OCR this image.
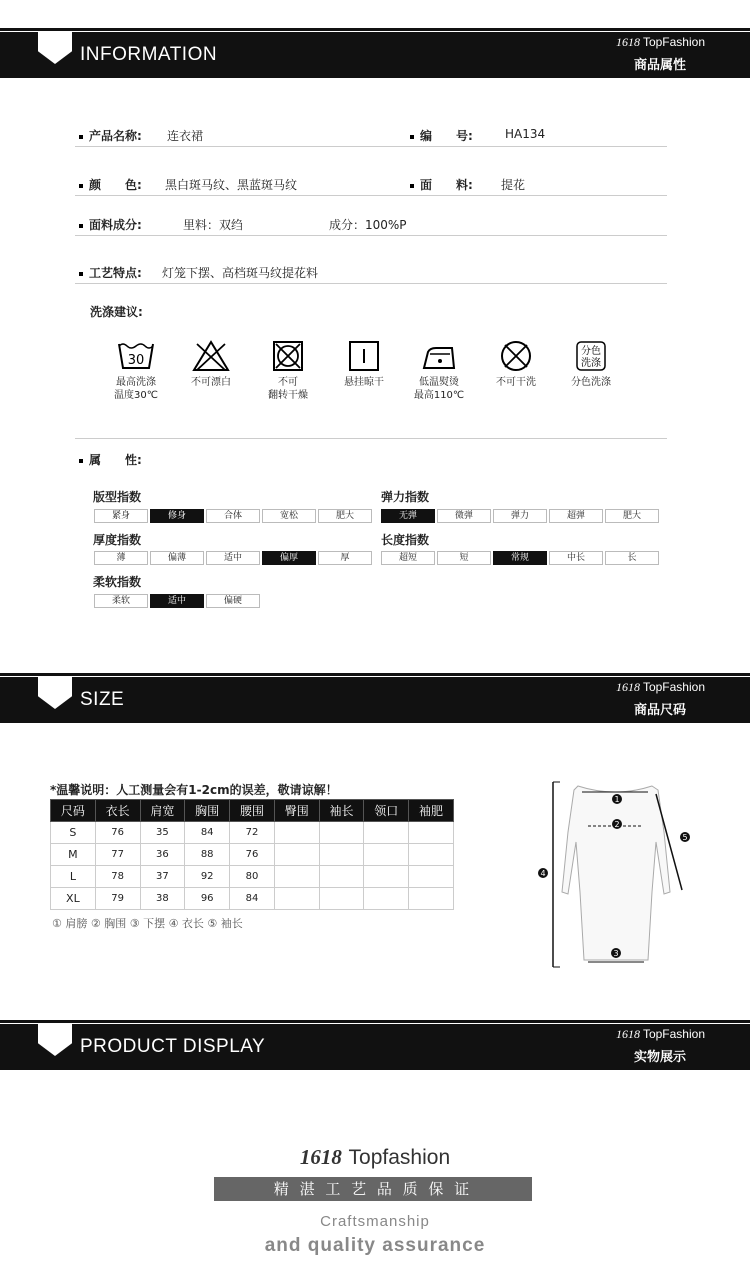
INFORMATION
1618 TopFashion
商品属性
产品名称: 连衣裙	编　　号:	HA134
颜　　色: 黑白斑马纹、黑蓝斑马纹	面　　料: 提花
面料成分:	里料：双绉	成分：100%P
工艺特点: 灯笼下摆、高档斑马纹提花料
洗涤建议:
30
最高洗涤
温度30℃
不可漂白	不可
翻转干燥
悬挂晾干	低温熨烫
最高110℃
不可干洗
分色
洗涤
分色洗涤
属　　性:
版型指数
紧身	修身	合体	宽松	肥大
弹力指数
无弹	微弹	弹力	超弹	肥大
厚度指数
薄	偏薄	适中	偏厚	厚
长度指数
超短	短	常规	中长	长
柔软指数
柔软	适中	偏硬
SIZE
1618 TopFashion
商品尺码
*温馨说明：人工测量会有1-2cm的误差，敬请谅解！
尺码	衣长	肩宽	胸围	腰围	臀围	袖长	领口	袖肥
S	76	35	84	72				
M	77	36	88	76				
L	78	37	92	80				
XL	79	38	96	84				
① 肩膀 ② 胸围 ③ 下摆 ④ 衣长 ⑤ 袖长
1
2
3
4
5
PRODUCT DISPLAY
1618 TopFashion
实物展示
1618 Topfashion
精 湛 工 艺 品 质 保 证
Craftsmanship
and quality assurance
